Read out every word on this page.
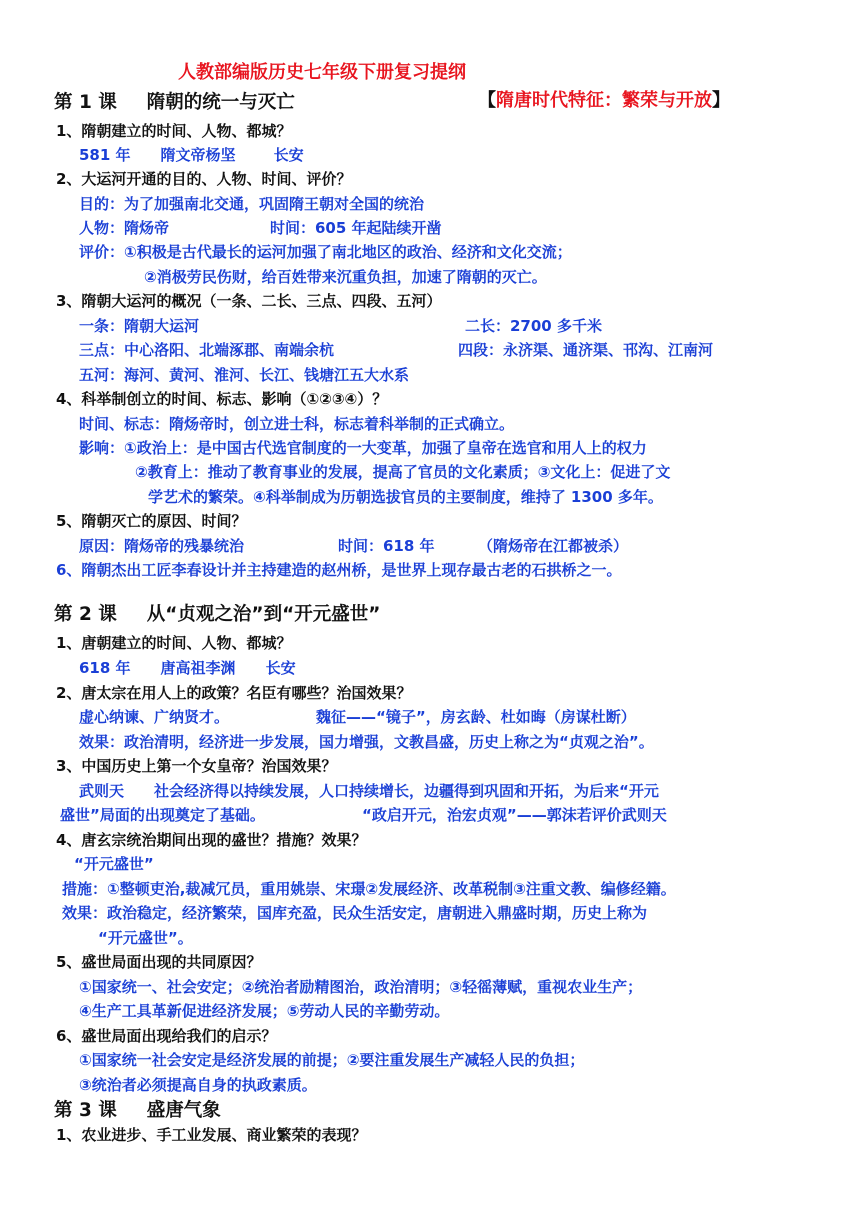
人教部编版历史七年级下册复习提纲
第 1 课 隋朝的统一与灭亡	【隋唐时代特征：繁荣与开放】
1、隋朝建立的时间、人物、都城？
581 年 隋文帝杨坚	长安
2、大运河开通的目的、人物、时间、评价？
目的：为了加强南北交通，巩固隋王朝对全国的统治
人物：隋炀帝	时间：605 年起陆续开凿
评价：①积极是古代最长的运河加强了南北地区的政治、经济和文化交流；
②消极劳民伤财，给百姓带来沉重负担，加速了隋朝的灭亡。
3、隋朝大运河的概况（一条、二长、三点、四段、五河）
一条：隋朝大运河	二长：2700 多千米
三点：中心洛阳、北端涿郡、南端余杭	四段：永济渠、通济渠、邗沟、江南河
五河：海河、黄河、淮河、长江、钱塘江五大水系
4、科举制创立的时间、标志、影响（①②③④）？
时间、标志：隋炀帝时，创立进士科，标志着科举制的正式确立。
影响：①政治上：是中国古代选官制度的一大变革，加强了皇帝在选官和用人上的权力
②教育上：推动了教育事业的发展，提高了官员的文化素质；③文化上：促进了文
学艺术的繁荣。④科举制成为历朝选拔官员的主要制度，维持了 1300 多年。
5、隋朝灭亡的原因、时间？
原因：隋炀帝的残暴统治	时间：618 年	（隋炀帝在江都被杀）
6、隋朝杰出工匠李春设计并主持建造的赵州桥，是世界上现存最古老的石拱桥之一。
第 2 课 从“贞观之治”到“开元盛世”
1、唐朝建立的时间、人物、都城？
618 年 唐高祖李渊 长安
2、唐太宗在用人上的政策？名臣有哪些？治国效果？
虚心纳谏、广纳贤才。	魏征——“镜子”，房玄龄、杜如晦（房谋杜断）
效果：政治清明，经济进一步发展，国力增强，文教昌盛，历史上称之为“贞观之治”。
3、中国历史上第一个女皇帝？治国效果？
武则天　　社会经济得以持续发展，人口持续增长，边疆得到巩固和开拓，为后来“开元
盛世”局面的出现奠定了基础。	“政启开元，治宏贞观”——郭沫若评价武则天
4、唐玄宗统治期间出现的盛世？措施？效果？
“开元盛世”
措施：①整顿吏治,裁减冗员，重用姚崇、宋璟②发展经济、改革税制③注重文教、编修经籍。
效果：政治稳定，经济繁荣，国库充盈，民众生活安定，唐朝进入鼎盛时期，历史上称为
“开元盛世”。
5、盛世局面出现的共同原因？
①国家统一、社会安定；②统治者励精图治，政治清明；③轻徭薄赋，重视农业生产；
④生产工具革新促进经济发展；⑤劳动人民的辛勤劳动。
6、盛世局面出现给我们的启示？
①国家统一社会安定是经济发展的前提；②要注重发展生产减轻人民的负担；
③统治者必须提高自身的执政素质。
第 3 课 盛唐气象
1、农业进步、手工业发展、商业繁荣的表现？
